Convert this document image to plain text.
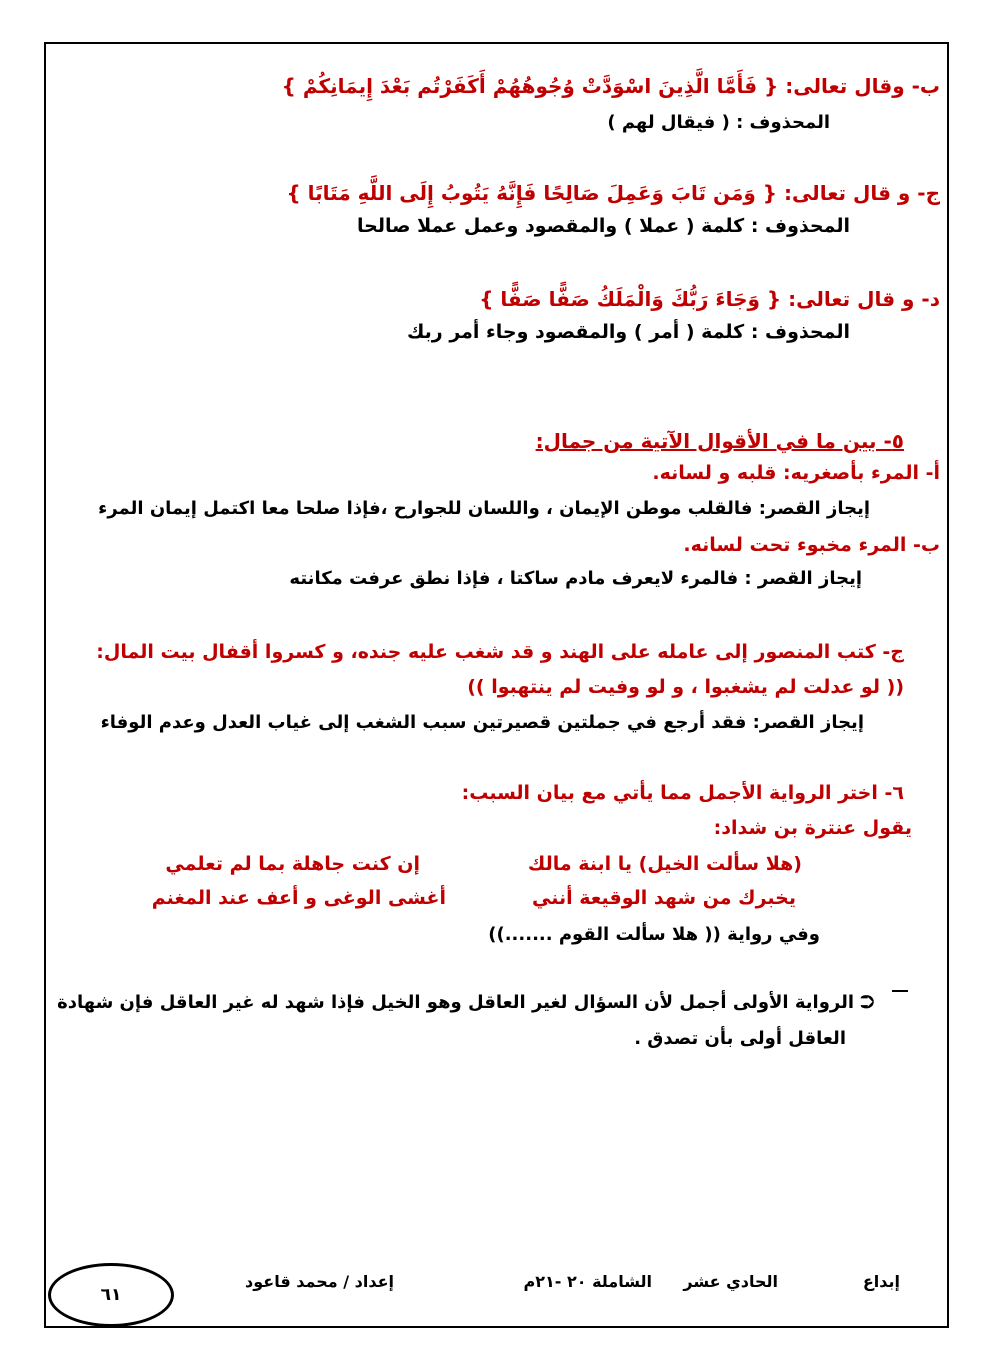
ب- وقال تعالى: { فَأَمَّا الَّذِينَ اسْوَدَّتْ وُجُوهُهُمْ أَكَفَرْتُم بَعْدَ إِيمَانِكُمْ }
المحذوف : ( فيقال لهم )
ج- و قال تعالى: { وَمَن تَابَ وَعَمِلَ صَالِحًا فَإِنَّهُ يَتُوبُ إِلَى اللَّهِ مَتَابًا }
المحذوف : كلمة ( عملا ) والمقصود وعمل عملا صالحا
د- و قال تعالى: { وَجَاءَ رَبُّكَ وَالْمَلَكُ صَفًّا صَفًّا }
المحذوف : كلمة ( أمر ) والمقصود وجاء أمر ربك
٥- بين ما في الأقوال الآتية من جمال:
أ- المرء بأصغريه: قلبه و لسانه.
إيجاز القصر: فالقلب موطن الإيمان ، واللسان للجوارح ،فإذا صلحا معا اكتمل إيمان المرء
ب- المرء مخبوء تحت لسانه.
إيجاز القصر : فالمرء لايعرف مادم ساكتا ، فإذا نطق عرفت مكانته
ج- كتب المنصور إلى عامله على الهند و قد شغب عليه جنده، و كسروا أقفال بيت المال:
(( لو عدلت لم يشغبوا ، و لو وفيت لم ينتهبوا ))
إيجاز القصر: فقد أرجع في جملتين قصيرتين سبب الشغب إلى غياب العدل وعدم الوفاء
٦- اختر الرواية الأجمل مما يأتي مع بيان السبب:
يقول عنترة بن شداد:
(هلا سألت الخيل) يا ابنة مالك
إن كنت جاهلة بما لم تعلمي
يخبرك من شهد الوقيعة أنني
أغشى الوغى و أعف عند المغنم
وفي رواية (( هلا سألت القوم .......))
⮊ الرواية الأولى أجمل لأن السؤال لغير العاقل وهو الخيل فإذا شهد له غير العاقل فإن شهادة
العاقل أولى بأن تصدق .
إبداع
الحادي عشر
الشاملة ٢٠ -٢١م
إعداد / محمد قاعود
٦١
